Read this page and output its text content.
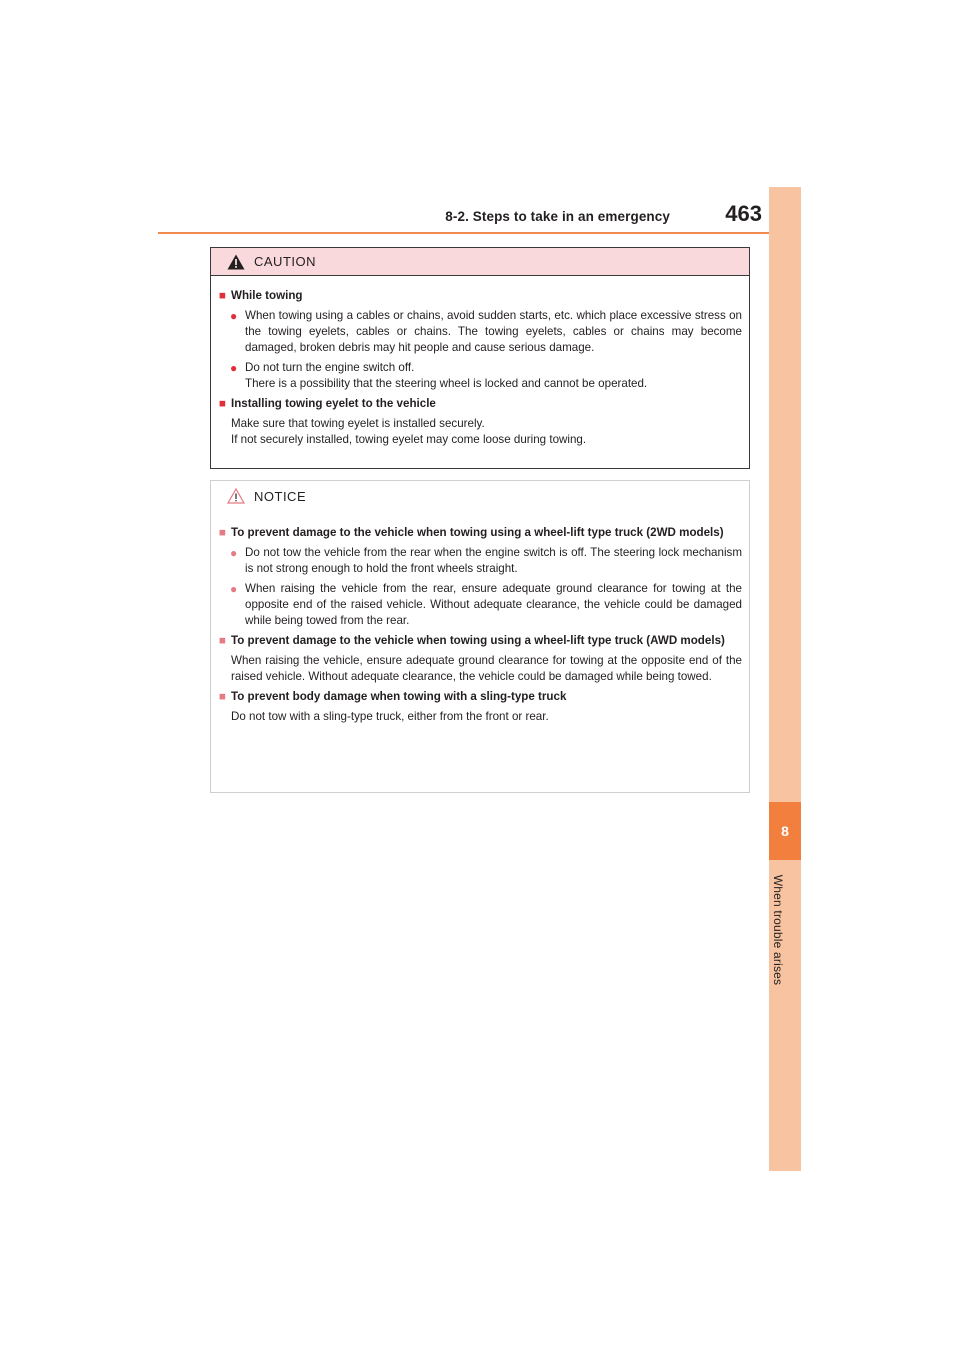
8-2. Steps to take in an emergency	463
8
When trouble arises
CAUTION
■ While towing
● When towing using a cables or chains, avoid sudden starts, etc. which place excessive stress on the towing eyelets, cables or chains. The towing eyelets, cables or chains may become damaged, broken debris may hit people and cause serious damage.
● Do not turn the engine switch off.
There is a possibility that the steering wheel is locked and cannot be operated.
■ Installing towing eyelet to the vehicle
Make sure that towing eyelet is installed securely.
If not securely installed, towing eyelet may come loose during towing.
NOTICE
■ To prevent damage to the vehicle when towing using a wheel-lift type truck (2WD models)
● Do not tow the vehicle from the rear when the engine switch is off. The steering lock mechanism is not strong enough to hold the front wheels straight.
● When raising the vehicle from the rear, ensure adequate ground clearance for towing at the opposite end of the raised vehicle. Without adequate clearance, the vehicle could be damaged while being towed from the rear.
■ To prevent damage to the vehicle when towing using a wheel-lift type truck (AWD models)
When raising the vehicle, ensure adequate ground clearance for towing at the opposite end of the raised vehicle. Without adequate clearance, the vehicle could be damaged while being towed.
■ To prevent body damage when towing with a sling-type truck
Do not tow with a sling-type truck, either from the front or rear.
